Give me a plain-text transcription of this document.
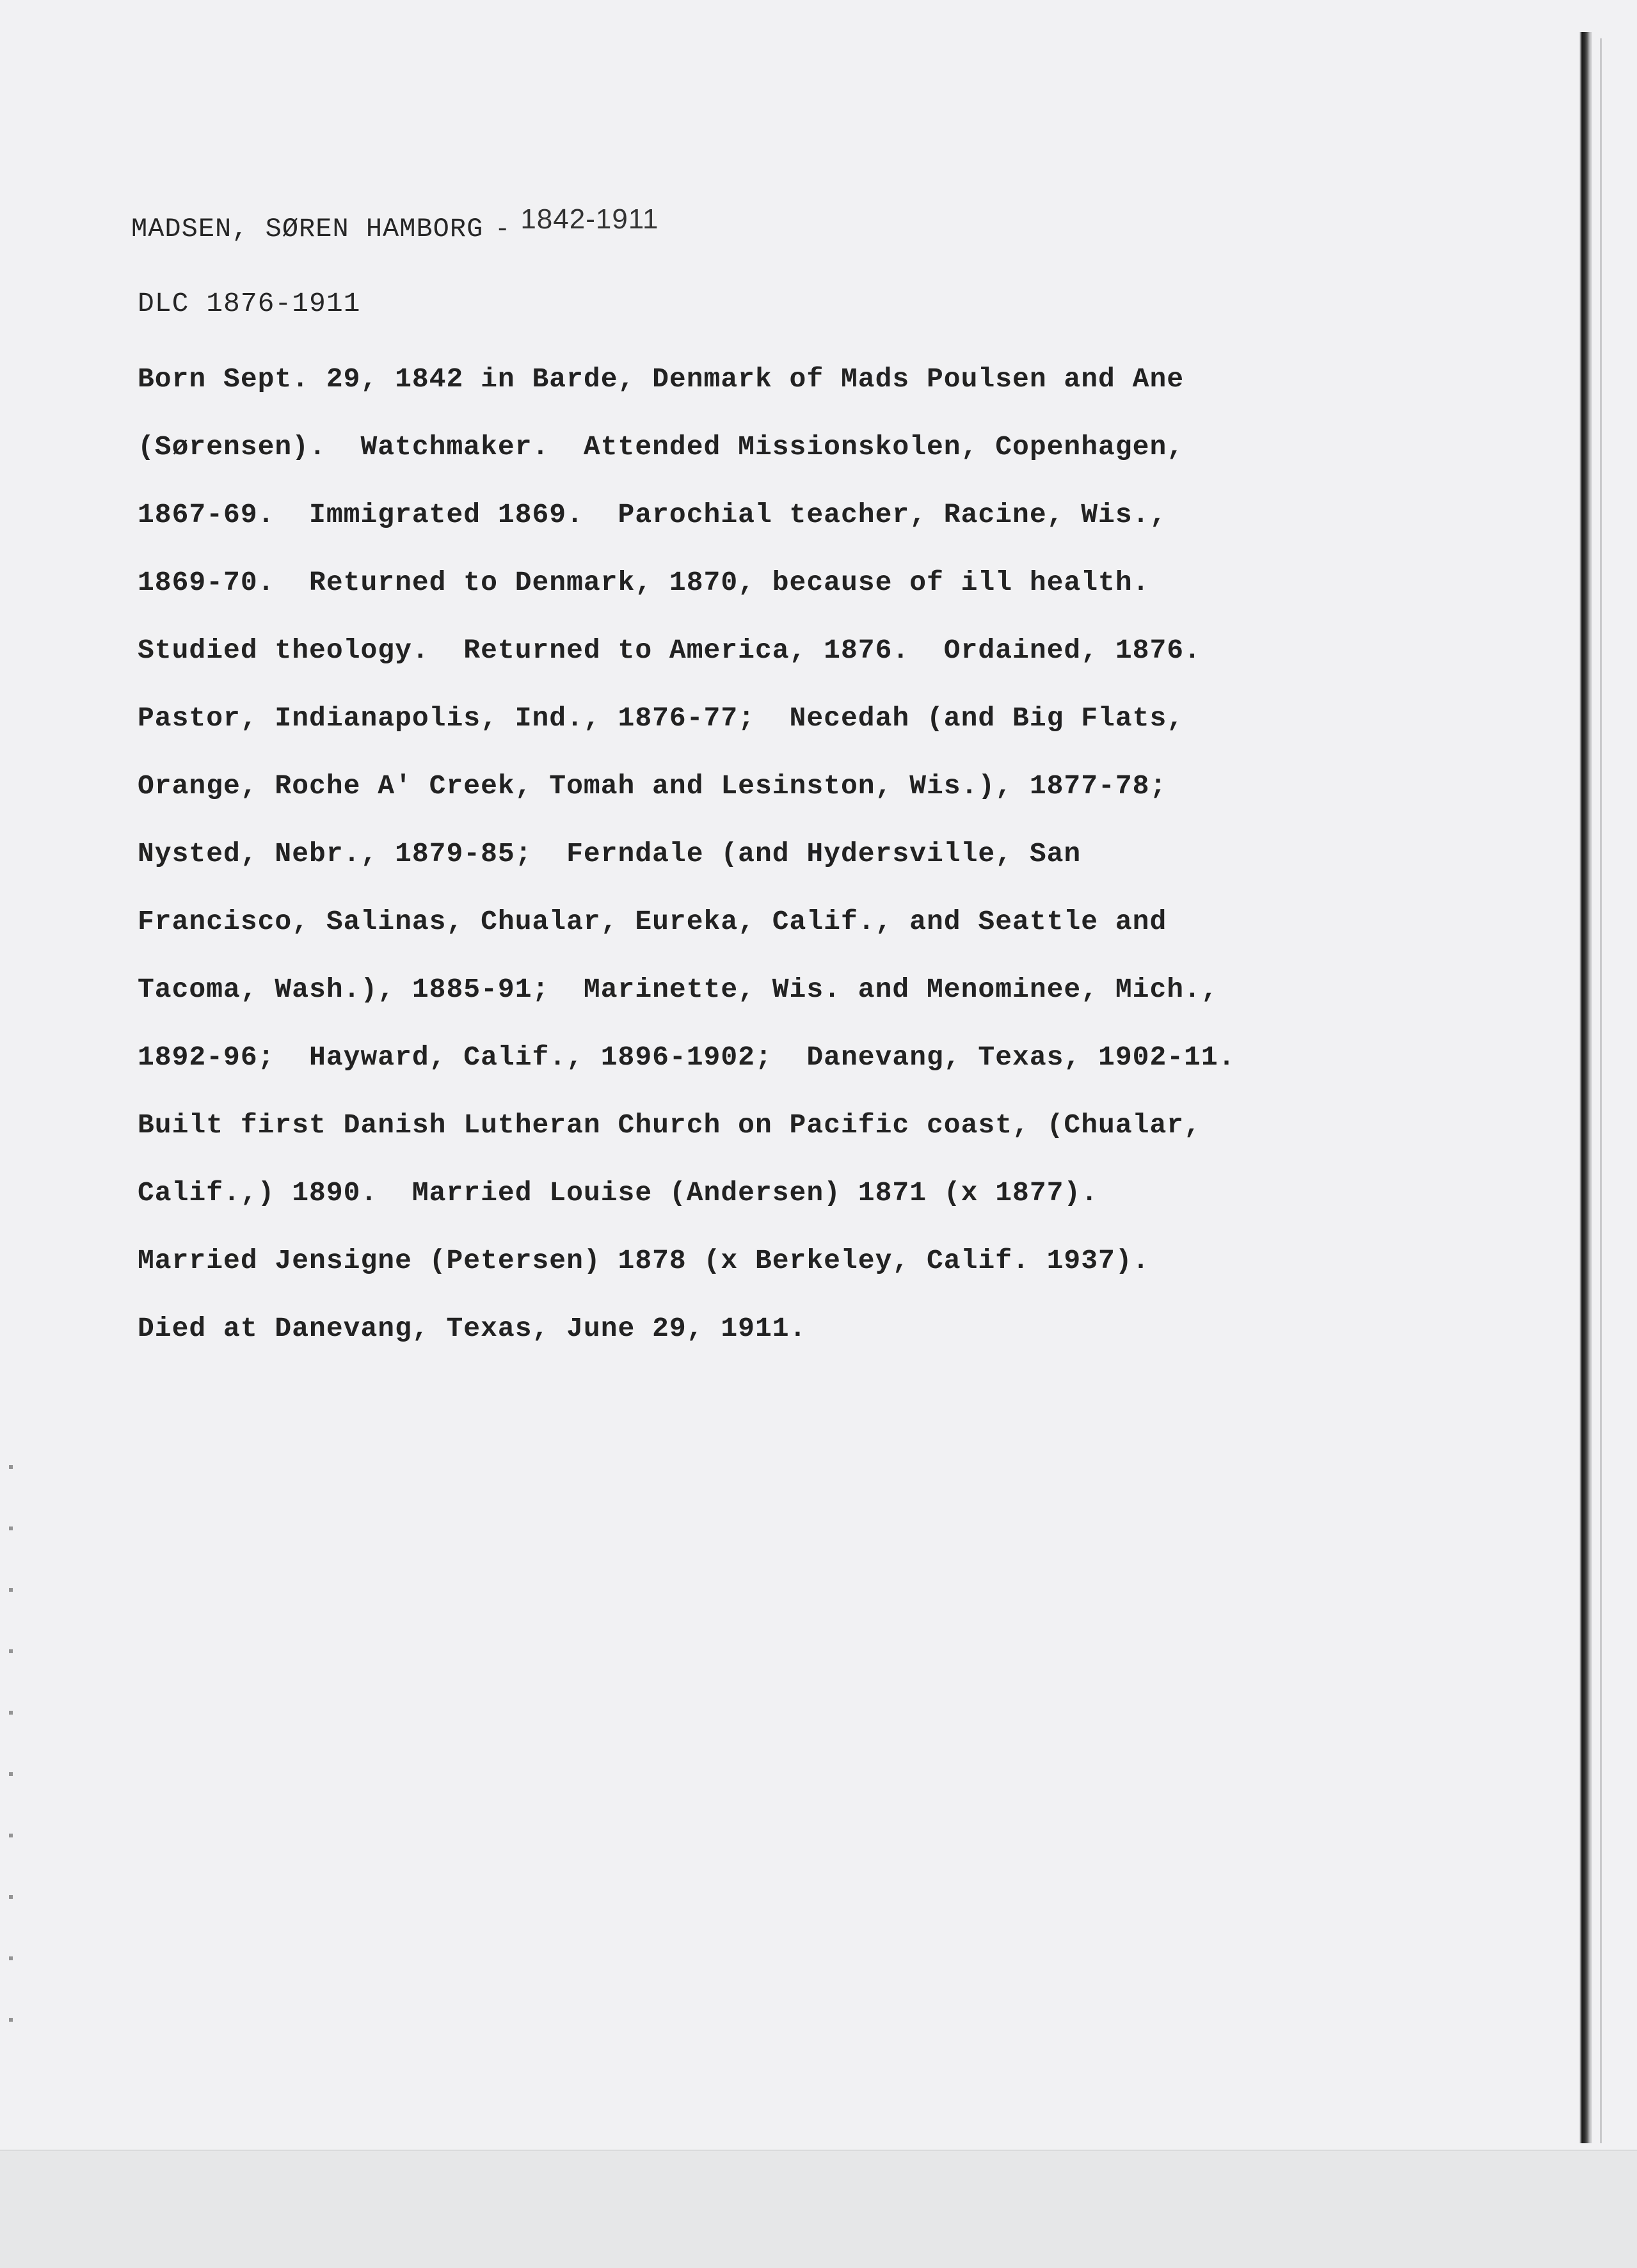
MADSEN, SØREN HAMBORG - 1842-1911
DLC 1876-1911
Born Sept. 29, 1842 in Barde, Denmark of Mads Poulsen and Ane
(Sørensen).  Watchmaker.  Attended Missionskolen, Copenhagen,
1867-69.  Immigrated 1869.  Parochial teacher, Racine, Wis.,
1869-70.  Returned to Denmark, 1870, because of ill health.
Studied theology.  Returned to America, 1876.  Ordained, 1876.
Pastor, Indianapolis, Ind., 1876-77;  Necedah (and Big Flats,
Orange, Roche A' Creek, Tomah and Lesinston, Wis.), 1877-78;
Nysted, Nebr., 1879-85;  Ferndale (and Hydersville, San
Francisco, Salinas, Chualar, Eureka, Calif., and Seattle and
Tacoma, Wash.), 1885-91;  Marinette, Wis. and Menominee, Mich.,
1892-96;  Hayward, Calif., 1896-1902;  Danevang, Texas, 1902-11.
Built first Danish Lutheran Church on Pacific coast, (Chualar,
Calif.,) 1890.  Married Louise (Andersen) 1871 (x 1877).
Married Jensigne (Petersen) 1878 (x Berkeley, Calif. 1937).
Died at Danevang, Texas, June 29, 1911.
